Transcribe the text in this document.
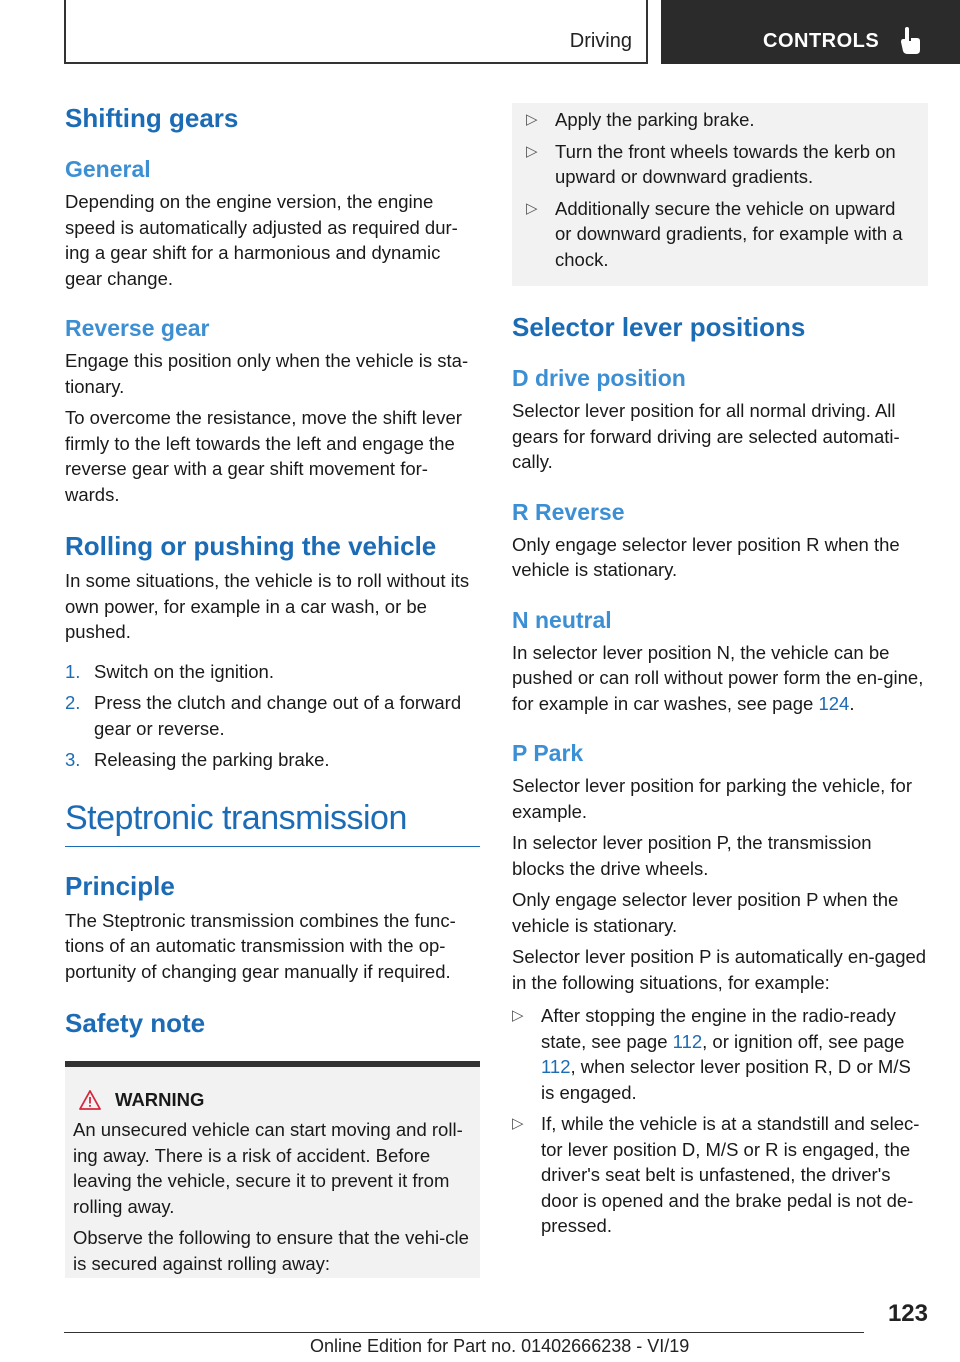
Driving	CONTROLS
Shifting gears
General

Depending on the engine version, the engine speed is automatically adjusted as required dur-ing a gear shift for a harmonious and dynamic gear change.

Reverse gear

Engage this position only when the vehicle is sta-tionary.

To overcome the resistance, move the shift lever firmly to the left towards the left and engage the reverse gear with a gear shift movement for-wards.

Rolling or pushing the vehicle

In some situations, the vehicle is to roll without its own power, for example in a car wash, or be pushed.

1. Switch on the ignition.
2. Press the clutch and change out of a forward gear or reverse.
3. Releasing the parking brake.
Steptronic transmission
Principle

The Steptronic transmission combines the func-tions of an automatic transmission with the op-portunity of changing gear manually if required.

Safety note
WARNING

An unsecured vehicle can start moving and roll-ing away. There is a risk of accident. Before leaving the vehicle, secure it to prevent it from rolling away.

Observe the following to ensure that the vehi-cle is secured against rolling away:

▷ Apply the parking brake.
▷ Turn the front wheels towards the kerb on upward or downward gradients.
▷ Additionally secure the vehicle on upward or downward gradients, for example with a chock.
Selector lever positions
D drive position

Selector lever position for all normal driving. All gears for forward driving are selected automati-cally.

R Reverse

Only engage selector lever position R when the vehicle is stationary.

N neutral

In selector lever position N, the vehicle can be pushed or can roll without power form the en-gine, for example in car washes, see page 124.

P Park

Selector lever position for parking the vehicle, for example.

In selector lever position P, the transmission blocks the drive wheels.

Only engage selector lever position P when the vehicle is stationary.

Selector lever position P is automatically en-gaged in the following situations, for example:

▷ After stopping the engine in the radio-ready state, see page 112, or ignition off, see page 112, when selector lever position R, D or M/S is engaged.
▷ If, while the vehicle is at a standstill and selec-tor lever position D, M/S or R is engaged, the driver's seat belt is unfastened, the driver's door is opened and the brake pedal is not de-pressed.
123
Online Edition for Part no. 01402666238 - VI/19
